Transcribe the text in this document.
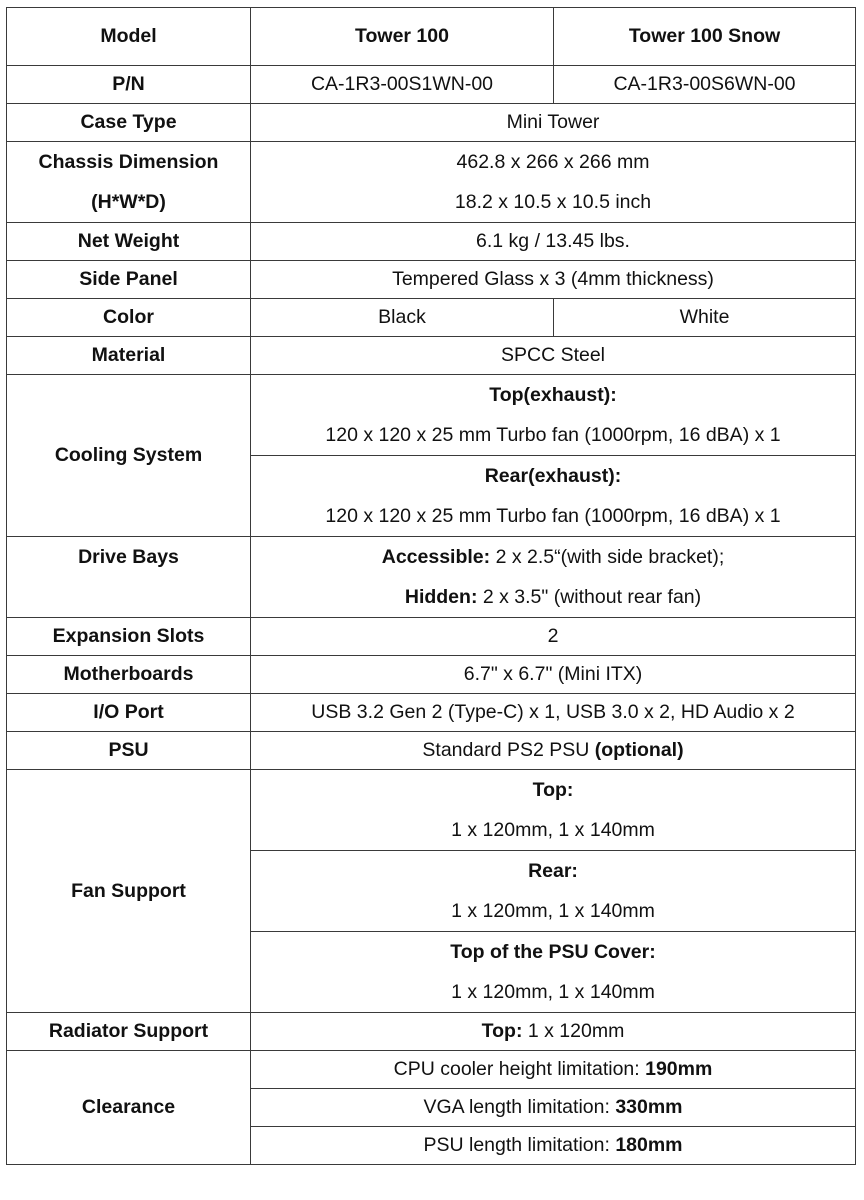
Model	Tower 100	Tower 100 Snow
P/N	CA-1R3-00S1WN-00	CA-1R3-00S6WN-00
Case Type	Mini Tower	

Chassis Dimension
(H*W*D)	462.8 x 266 x 266 mm
18.2 x 10.5 x 10.5 inch	

Net Weight	6.1 kg / 13.45 lbs.	
Side Panel	Tempered Glass x 3 (4mm thickness)	
Color	Black	White
Material	SPCC Steel	
Cooling System	Top(exhaust):
120 x 120 x 25 mm Turbo fan (1000rpm, 16 dBA) x 1	

	Rear(exhaust):
120 x 120 x 25 mm Turbo fan (1000rpm, 16 dBA) x 1	

Drive Bays	Accessible: 2 x 2.5“(with side bracket);
Hidden: 2 x 3.5" (without rear fan)	

Expansion Slots	2	
Motherboards	6.7" x 6.7" (Mini ITX)	
I/O Port	USB 3.2 Gen 2 (Type-C) x 1, USB 3.0 x 2, HD Audio x 2	
PSU	Standard PS2 PSU (optional)	
Fan Support	Top:
1 x 120mm, 1 x 140mm	

	Rear:
1 x 120mm, 1 x 140mm	

	Top of the PSU Cover:
1 x 120mm, 1 x 140mm	

Radiator Support	Top: 1 x 120mm	
Clearance	CPU cooler height limitation: 190mm	
	VGA length limitation: 330mm	
	PSU length limitation: 180mm	
